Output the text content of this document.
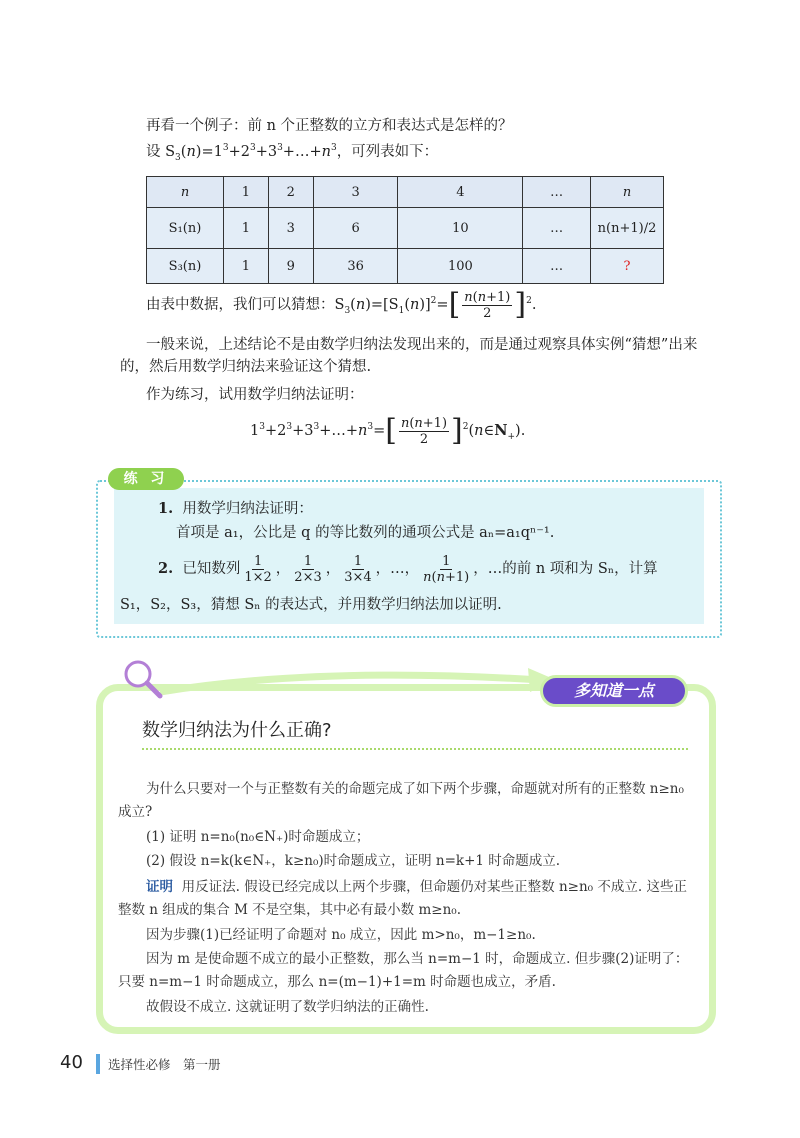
再看一个例子：前 n 个正整数的立方和表达式是怎样的？
设 $S_3(n)=1^3+2^3+3^3+\dots+n^3$，可列表如下：
n	1	2	3	4	…	n
S₁(n)	1	3	6	10	…	n(n+1)/2
S₃(n)	1	9	36	100	…	?
由表中数据，我们可以猜想：$S_3(n)=[S_1(n)]^2=[ \frac{n(n+1)}{2} ]^2$.
一般来说，上述结论不是由数学归纳法发现出来的，而是通过观察具体实例“猜想”出来的，然后用数学归纳法来验证这个猜想.
作为练习，试用数学归纳法证明：
$1^3+2^3+3^3+\dots+n^3=[ \frac{n(n+1)}{2}$ ]$^2(n\in N_+)$.
练 习
1. 用数学归纳法证明：
首项是 a₁，公比是 q 的等比数列的通项公式是 aₙ=a₁qⁿ⁻¹.
2. 已知数列 $\frac{1}{1\times 2}$ ， $\frac{1}{2\times 3}$ ， $\frac{1}{3\times 4}$ ，…， $\frac{1}{n(n+1)}$ ，…的前 n 项和为 Sₙ，计算
S₁，S₂，S₃，猜想 Sₙ 的表达式，并用数学归纳法加以证明.
多知道一点
数学归纳法为什么正确?
为什么只要对一个与正整数有关的命题完成了如下两个步骤，命题就对所有的正整数 n≥n₀ 成立?
(1) 证明 n=n₀(n₀∈N₊)时命题成立；
(2) 假设 n=k(k∈N₊，k≥n₀)时命题成立，证明 n=k+1 时命题成立.
证明 用反证法. 假设已经完成以上两个步骤，但命题仍对某些正整数 n≥n₀ 不成立. 这些正整数 n 组成的集合 M 不是空集，其中必有最小数 m≥n₀.
因为步骤(1)已经证明了命题对 n₀ 成立，因此 m>n₀，m−1≥n₀.
因为 m 是使命题不成立的最小正整数，那么当 n=m−1 时，命题成立. 但步骤(2)证明了：只要 n=m−1 时命题成立，那么 n=(m−1)+1=m 时命题也成立，矛盾.
故假设不成立. 这就证明了数学归纳法的正确性.
40 选择性必修　第一册
